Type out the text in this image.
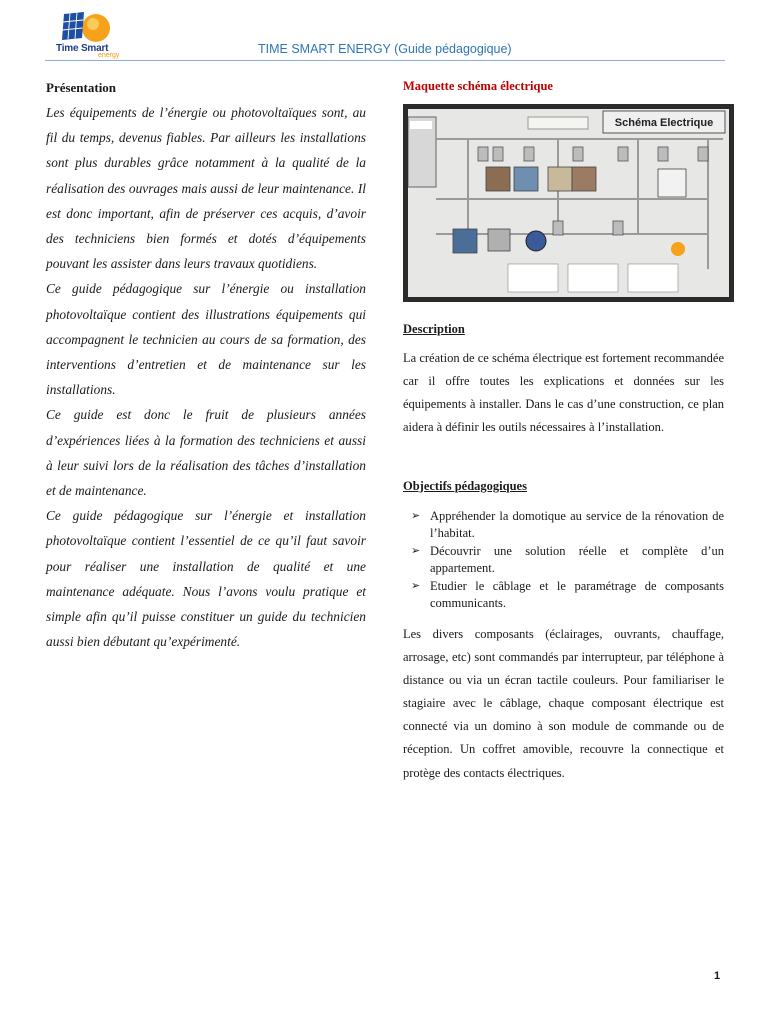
Time Smart
energy	TIME SMART ENERGY (Guide pédagogique)
Présentation

Les équipements de l’énergie ou photovoltaïques sont, au fil du temps, devenus fiables. Par ailleurs les installations sont plus durables grâce notamment à la qualité de la réalisation des ouvrages mais aussi de leur maintenance. Il est donc important, afin de préserver ces acquis, d’avoir des techniciens bien formés et dotés d’équipements pouvant les assister dans leurs travaux quotidiens.

Ce guide pédagogique sur l’énergie ou installation photovoltaïque contient des illustrations équipements qui accompagnent le technicien au cours de sa formation, des interventions d’entretien et de maintenance sur les installations.

Ce guide est donc le fruit de plusieurs années d’expériences liées à la formation des techniciens et aussi à leur suivi lors de la réalisation des tâches d’installation et de maintenance.

Ce guide pédagogique sur l’énergie et installation photovoltaïque contient l’essentiel de ce qu’il faut savoir pour réaliser une installation de qualité et une maintenance adéquate. Nous l’avons voulu pratique et simple afin qu’il puisse constituer un guide du technicien aussi bien débutant qu’expérimenté.

Maquette schéma électrique
Schéma Electrique
Description

La création de ce schéma électrique est fortement recommandée car il offre toutes les explications et données sur les équipements à installer. Dans le cas d’une construction, ce plan aidera à définir les outils nécessaires à l’installation.

Objectifs pédagogiques
➢ Appréhender la domotique au service de la rénovation de l’habitat.
➢ Découvrir une solution réelle et complète d’un appartement.
➢ Etudier le câblage et le paramétrage de composants communicants.

Les divers composants (éclairages, ouvrants, chauffage, arrosage, etc) sont commandés par interrupteur, par téléphone à distance ou via un écran tactile couleurs. Pour familiariser le stagiaire avec le câblage, chaque composant électrique est connecté via un domino à son module de commande ou de réception. Un coffret amovible, recouvre la connectique et protège des contacts électriques.

1
